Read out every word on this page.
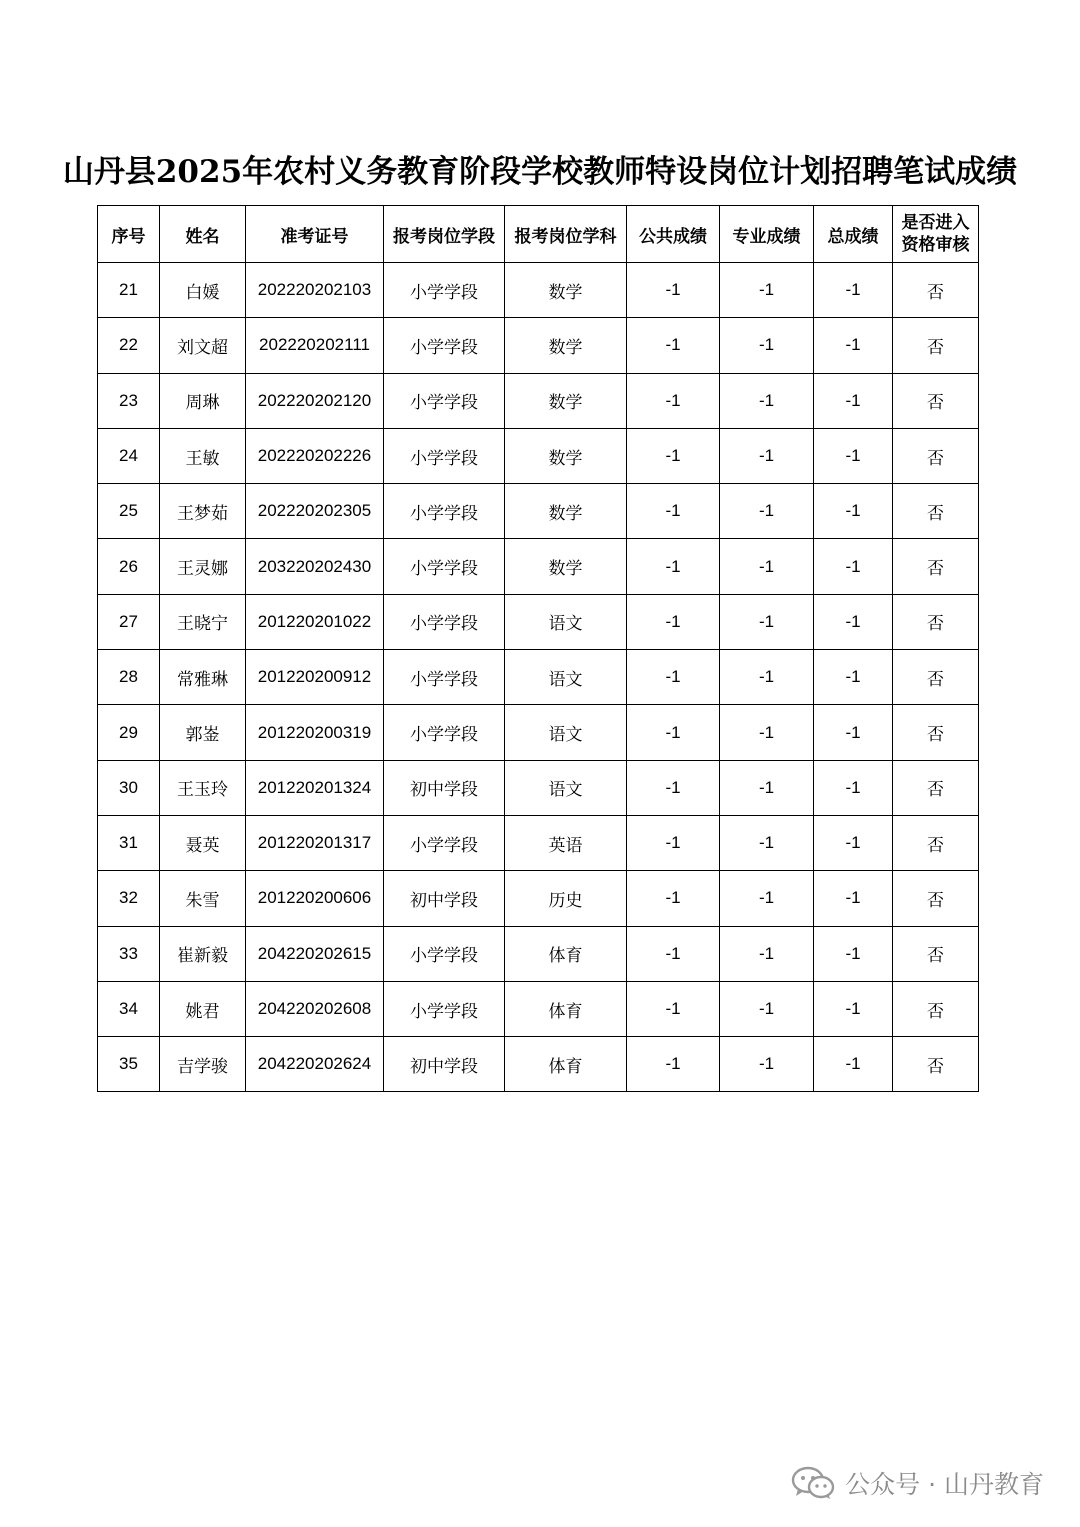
山丹县2025年农村义务教育阶段学校教师特设岗位计划招聘笔试成绩
序号	姓名	准考证号	报考岗位学段	报考岗位学科	公共成绩	专业成绩	总成绩	是否进入
资格审核
21	白媛	202220202103	小学学段	数学	-1	-1	-1	否
22	刘文超	202220202111	小学学段	数学	-1	-1	-1	否
23	周琳	202220202120	小学学段	数学	-1	-1	-1	否
24	王敏	202220202226	小学学段	数学	-1	-1	-1	否
25	王梦茹	202220202305	小学学段	数学	-1	-1	-1	否
26	王灵娜	203220202430	小学学段	数学	-1	-1	-1	否
27	王晓宁	201220201022	小学学段	语文	-1	-1	-1	否
28	常雅琳	201220200912	小学学段	语文	-1	-1	-1	否
29	郭崟	201220200319	小学学段	语文	-1	-1	-1	否
30	王玉玲	201220201324	初中学段	语文	-1	-1	-1	否
31	聂英	201220201317	小学学段	英语	-1	-1	-1	否
32	朱雪	201220200606	初中学段	历史	-1	-1	-1	否
33	崔新毅	204220202615	小学学段	体育	-1	-1	-1	否
34	姚君	204220202608	小学学段	体育	-1	-1	-1	否
35	吉学骏	204220202624	初中学段	体育	-1	-1	-1	否
公众号 · 山丹教育
